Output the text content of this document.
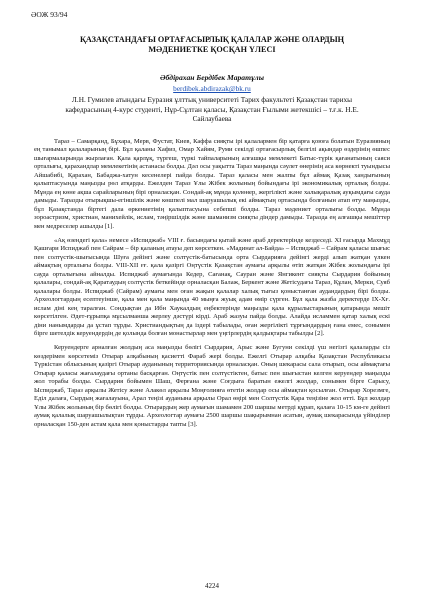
ӘОЖ 93/94
ҚАЗАҚСТАНДАҒЫ ОРТАҒАСЫРЛЫҚ ҚАЛАЛАР ЖӘНЕ ОЛАРДЫҢ МӘДЕНИЕТКЕ ҚОСҚАН ҮЛЕСІ
Әбдірахан Бердібек Маратұлы
berdibek.abdirazak@bk.ru
Л.Н. Гумилев атындағы Еуразия ұлттық университеті Тарих факультеті Қазақстан тарихы кафедрасының 4-курс студенті, Нұр-Сұлтан қаласы, Қазақстан Ғылыми жетекшісі – т.ғ.к. Н.Е. Сайлаубаева

Тараз – Самарқанд, Бұхара, Мерв, Фустат, Киев, Каффа сияқты ірі қалалармен бір қатарға қоюға болатын Еуразияның ең танымал қалаларының бірі. Бұл қаланы Хафиз, Омар Хайям, Руми секілді ортағасырлық белгілі ақындар өздерінің өшпес шығармаларында жырлаған. Қала қарлұқ, түргеш, түркі тайпаларының алғашқы мемлекеті Батыс-түрік қағанатының саяси орталығы, қарахандлар мемлекетінің астанасы болды. Дәл осы уақытта Тараз маңында сәулет өнерінің аса көрнекті туындысы Айшабибі, Қарахан, Бабаджа-хатун кесенелері пайда болды. Тараз қаласы мен жалпы бұл аймақ Қазақ хандығының қалыптасуында маңызды рөл атқарды. Ежелден Тараз Ұлы Жібек жолының бойындағы ірі экономикалық орталық болды. Мұнда ең көне ақша сарайларының бірі орналасқан. Сондай-ақ мұнда қолөнер, жергілікті және халықаралық ауқымдағы сауда дамыды. Таразды отырықшы-егіншілік және көшпелі мал шаруашылық екі аймақтың ортасында болғанын атап өту маңызды, бұл Қазақстанда біртегі дала өркениетінің қалыптасуына себепші болды. Тараз мәдениет орталығы болды. Мұнда зороастризм, христиан, манихейлік, ислам, тәңіршілдік және шаманизм сияқты діндер дамыды. Таразда ең алғашқы мешіттер мен медреселер ашылды [1].

«Ақ өзендегі қала» немесе «Испиджаб» VIII ғ. басындағы қытай және араб деректерінде кездеседі. XI ғасырда Махмұд Қашғари Испиджаб пен Сайрам – бір қаланың атауы деп көрсеткен. «Мадинат ал-Байда» – Испиджаб – Сайрам қаласы шығыс пен солтүстік-шығысында Шуға дейінгі және солтүстік-батысында орта Сырдарияға дейінгі жерді алып жатқан үлкен аймақтың орталығы болды. VIII-XII ғғ. қала қазіргі Оңтүстік Қазақстан аумағы арқылы өтіп жатқан Жібек жолындағы ірі сауда орталығына айналды. Испиджаб аумағында Кедер, Сағанақ, Сауран және Янгикент сияқты Сырдария бойының қалалары, сондай-ақ Қаратаудың солтүстік беткейінде орналасқан Балаж, Беркент және Жетісудағы Тараз, Құлан, Мерки, Суяб қалалары болды. Испиджаб (Сайрам) аумағы мен оған жақын қалалар халық тығыз қоныстанған аудандардың бірі болды. Археологтардың есептеуінше, қала мен қала маңында 40 мыңға жуық адам өмір сүрген. Бұл қала жазба деректерде IX-Xғ. ислам діні кең таралған. Сондықтан да Ибн Хаукалдың еңбектерінде маңызды қала құрылыстарының қатарында мешіт көрсетілген. Әдет-ғұрыпқа мұсылманша жерлеу дәстүрі кірді. Араб жазуы пайда болды. Алайда исламмен қатар халық ескі діни нанымдарды да ұстап тұрды. Христиандықтың да іздері табылады, оған жергілікті тұрғындардың ғана емес, сонымен бірге шетелдік керуендердің де қолында болған монастырлар мен үңгірлердің қалдықтары табылды [2].

Керуендерге арналған жолдың аса маңызды бөлігі Сырдария, Арыс және Бугуни секілді үш негізгі қалаларды сіз көздерімен көрсетеміз Отырар алқабының қасиетті Фараб жері болды. Ежелгі Отырар алқабы Қазақстан Республикасы Түркістан облысының қазіргі Отырар ауданының территориясында орналасқан. Оның шекарасы сала отырып, осы аймақтағы Отырар қаласы жағалаудағы ортаны басқарған. Оңтүстік пен солтүстіктен, батыс пен шығыстан келген керуендер маңызды жол торабы болды. Сырдария бойымен Шаш, Ферғана және Соғдыға баратын ежелгі жолдар, сонымен бірге Сарысу, Ыспиджаб, Тараз арқылы Жетісу және Алакөл арқылы Моңғолияға өтетін жолдар осы аймақтан қосылған. Отырар Хорезмге, Еділ далаға, Сырдың жағалауына, Арал теңізі ауданына арқылы Орал өңірі мен Солтүстік Қара теңізіне жол өтті. Бұл жолдар Ұлы Жібек жолының бір бөлігі болды. Отырардың жер аумағын шамамен 200 шаршы метрді құрап, қалаға 10-15 км-ге дейінгі аумақ қалалық шаруашылықтан тұрды. Археологтар аумағы 2500 шаршы шақырымнан асатын, аумақ шекарасында үйінділер орналасқан 150-ден астам қала мен қоныстарды тапты [3].

4224
